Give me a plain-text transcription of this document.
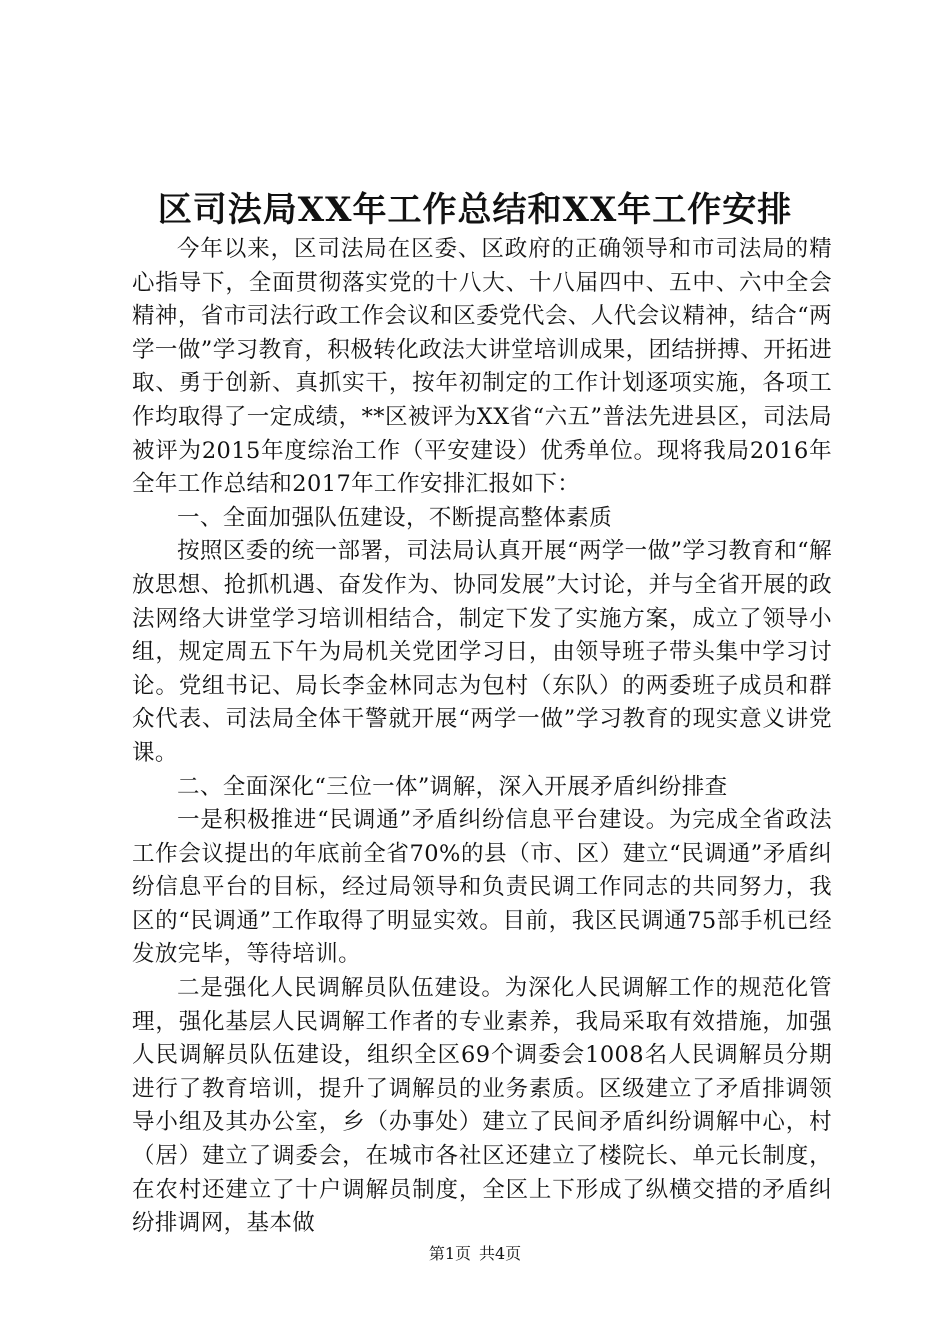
区司法局XX年工作总结和XX年工作安排

今年以来，区司法局在区委、区政府的正确领导和市司法局的精心指导下，全面贯彻落实党的十八大、十八届四中、五中、六中全会精神，省市司法行政工作会议和区委党代会、人代会议精神，结合“两学一做”学习教育，积极转化政法大讲堂培训成果，团结拼搏、开拓进取、勇于创新、真抓实干，按年初制定的工作计划逐项实施，各项工作均取得了一定成绩，**区被评为XX省“六五”普法先进县区，司法局被评为2015年度综治工作（平安建设）优秀单位。现将我局2016年全年工作总结和2017年工作安排汇报如下：

一、全面加强队伍建设，不断提高整体素质

按照区委的统一部署，司法局认真开展“两学一做”学习教育和“解放思想、抢抓机遇、奋发作为、协同发展”大讨论，并与全省开展的政法网络大讲堂学习培训相结合，制定下发了实施方案，成立了领导小组，规定周五下午为局机关党团学习日，由领导班子带头集中学习讨论。党组书记、局长李金林同志为包村（东队）的两委班子成员和群众代表、司法局全体干警就开展“两学一做”学习教育的现实意义讲党课。

二、全面深化“三位一体”调解，深入开展矛盾纠纷排查

一是积极推进“民调通”矛盾纠纷信息平台建设。为完成全省政法工作会议提出的年底前全省70%的县（市、区）建立“民调通”矛盾纠纷信息平台的目标，经过局领导和负责民调工作同志的共同努力，我区的“民调通”工作取得了明显实效。目前，我区民调通75部手机已经发放完毕，等待培训。

二是强化人民调解员队伍建设。为深化人民调解工作的规范化管理，强化基层人民调解工作者的专业素养，我局采取有效措施，加强人民调解员队伍建设，组织全区69个调委会1008名人民调解员分期进行了教育培训，提升了调解员的业务素质。区级建立了矛盾排调领导小组及其办公室，乡（办事处）建立了民间矛盾纠纷调解中心，村（居）建立了调委会，在城市各社区还建立了楼院长、单元长制度，在农村还建立了十户调解员制度，全区上下形成了纵横交措的矛盾纠纷排调网，基本做

第1页 共4页
